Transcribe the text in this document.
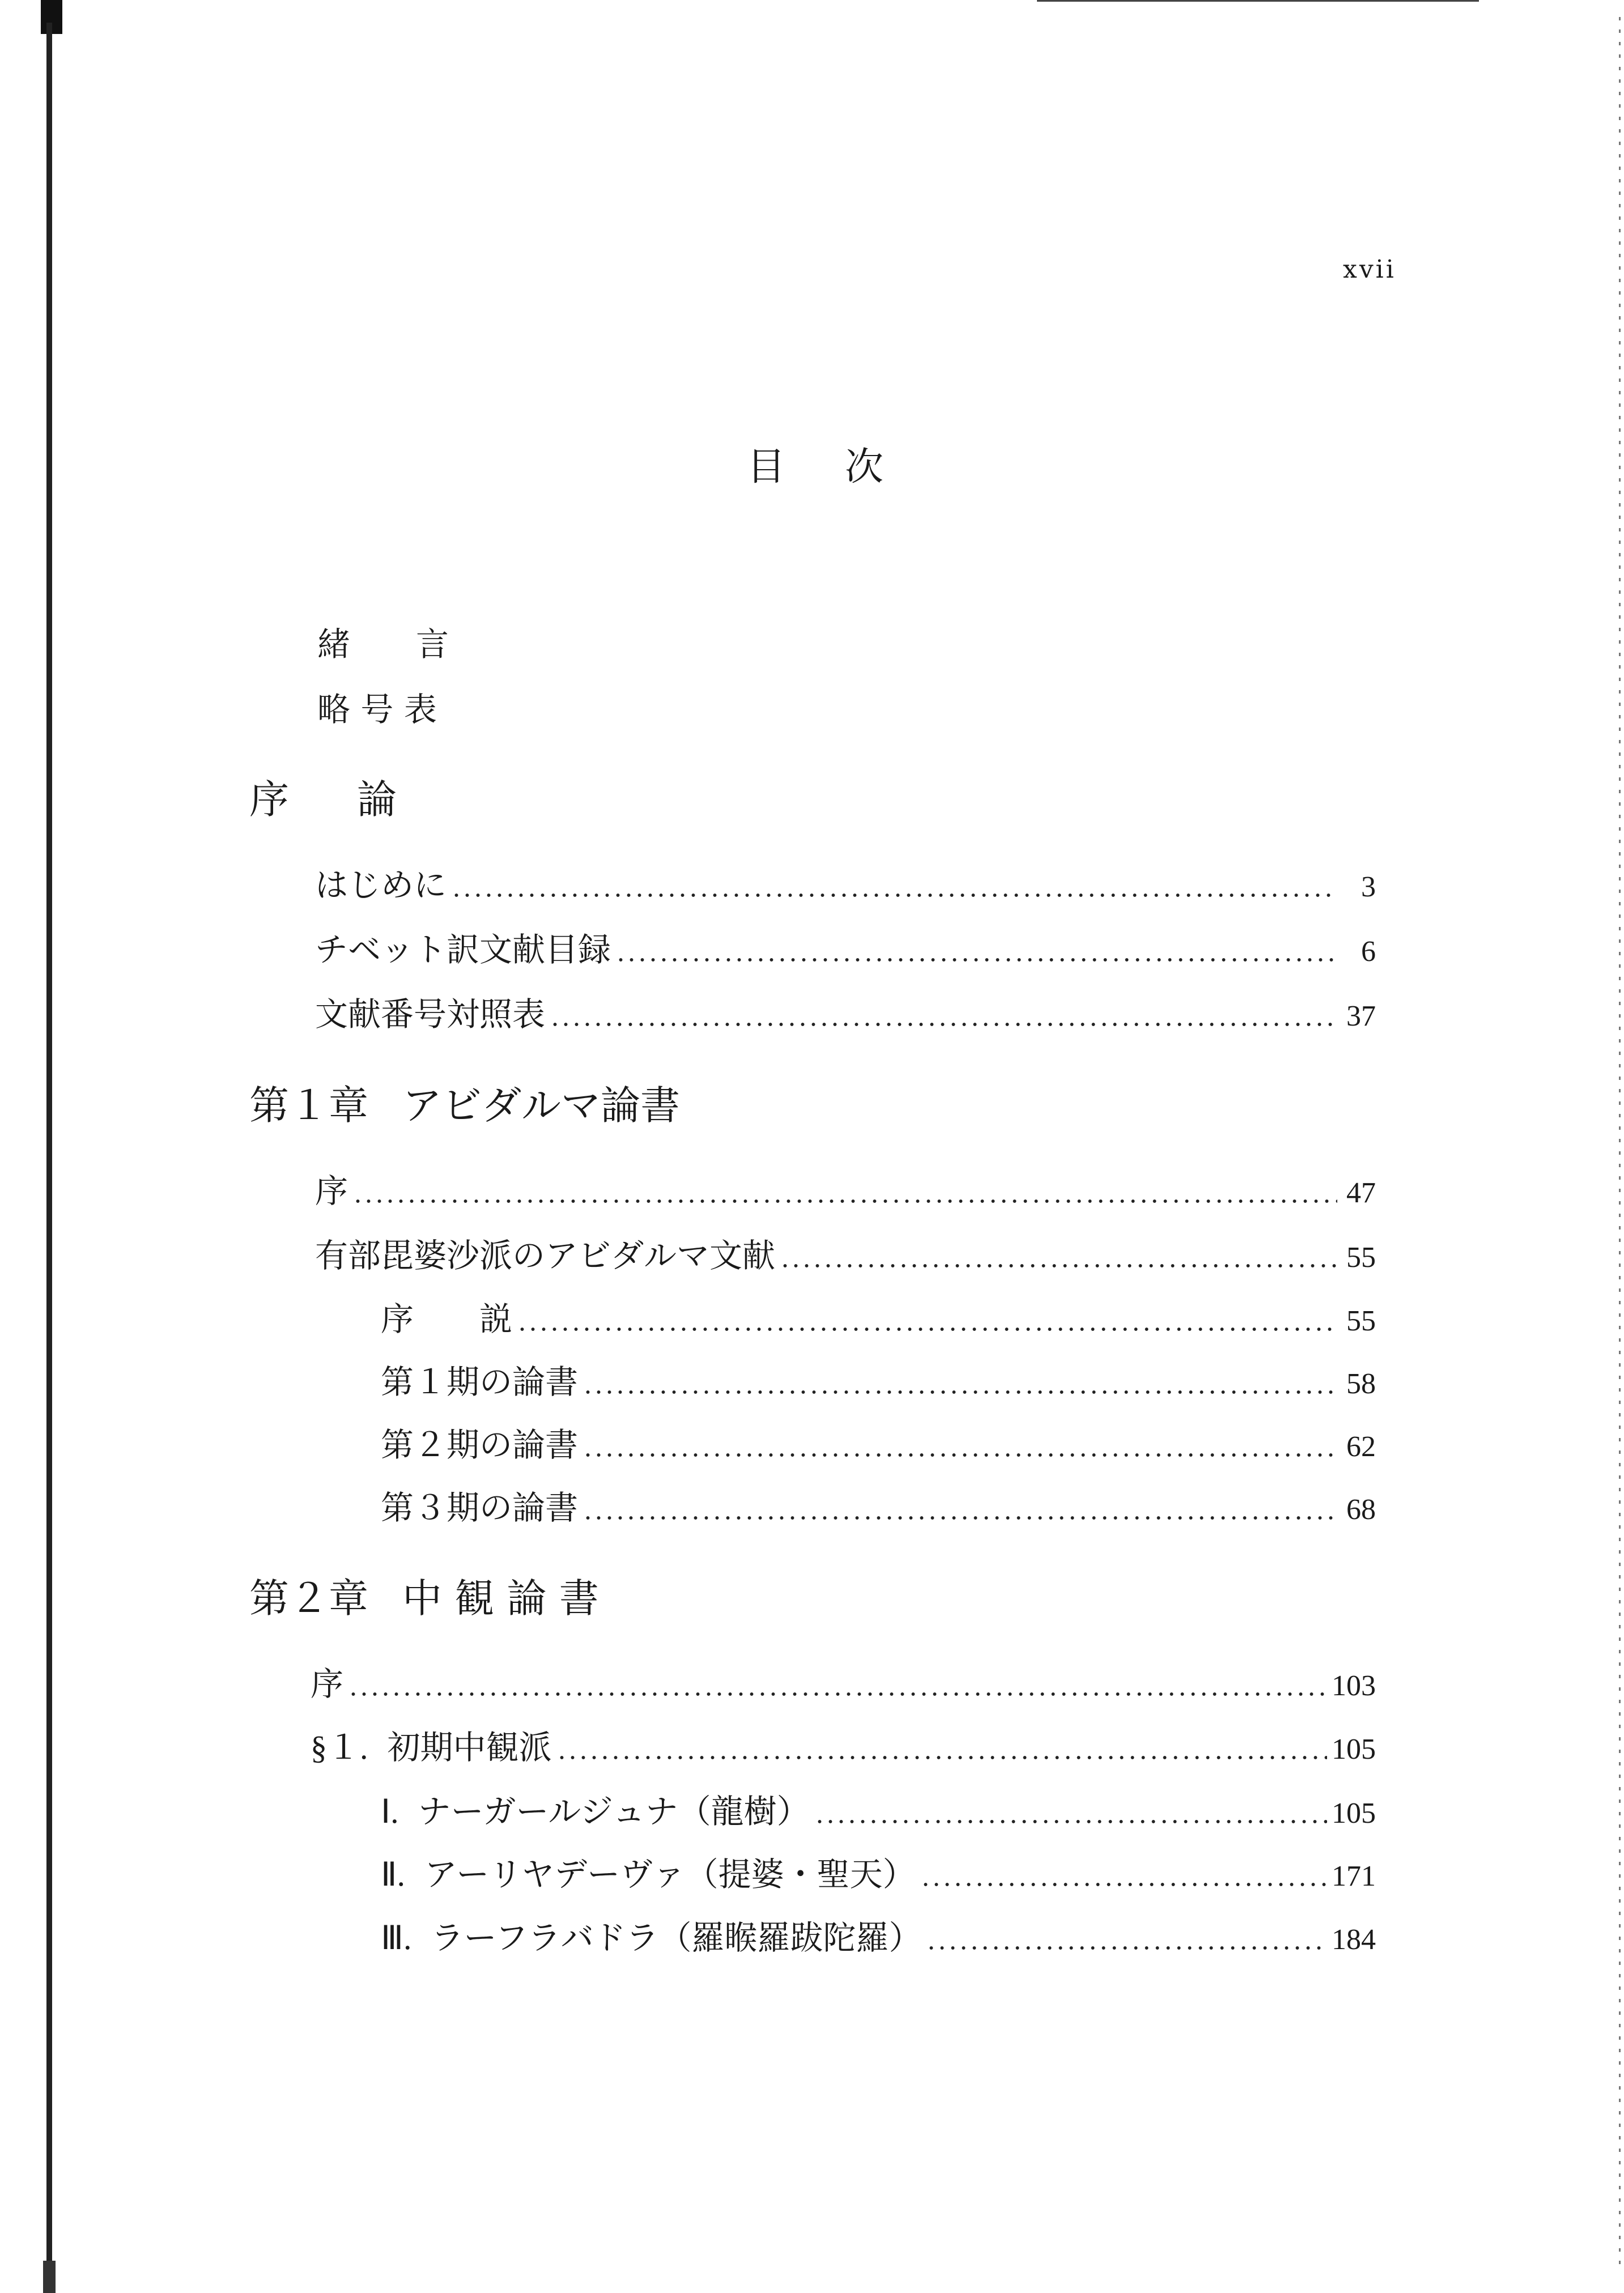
xvii
目 次
緒　　言
略 号 表
序 論
はじめに	3
チベット訳文献目録	6
文献番号対照表	37
第１章 アビダルマ論書
序	47
有部毘婆沙派のアビダルマ文献	55
序　　説	55
第１期の論書	58
第２期の論書	62
第３期の論書	68
第２章 中 観 論 書
序	103
§１. 初期中観派	105
Ⅰ. ナーガールジュナ（龍樹）	105
Ⅱ. アーリヤデーヴァ（提婆・聖天）	171
Ⅲ. ラーフラバドラ（羅睺羅跋陀羅）	184
